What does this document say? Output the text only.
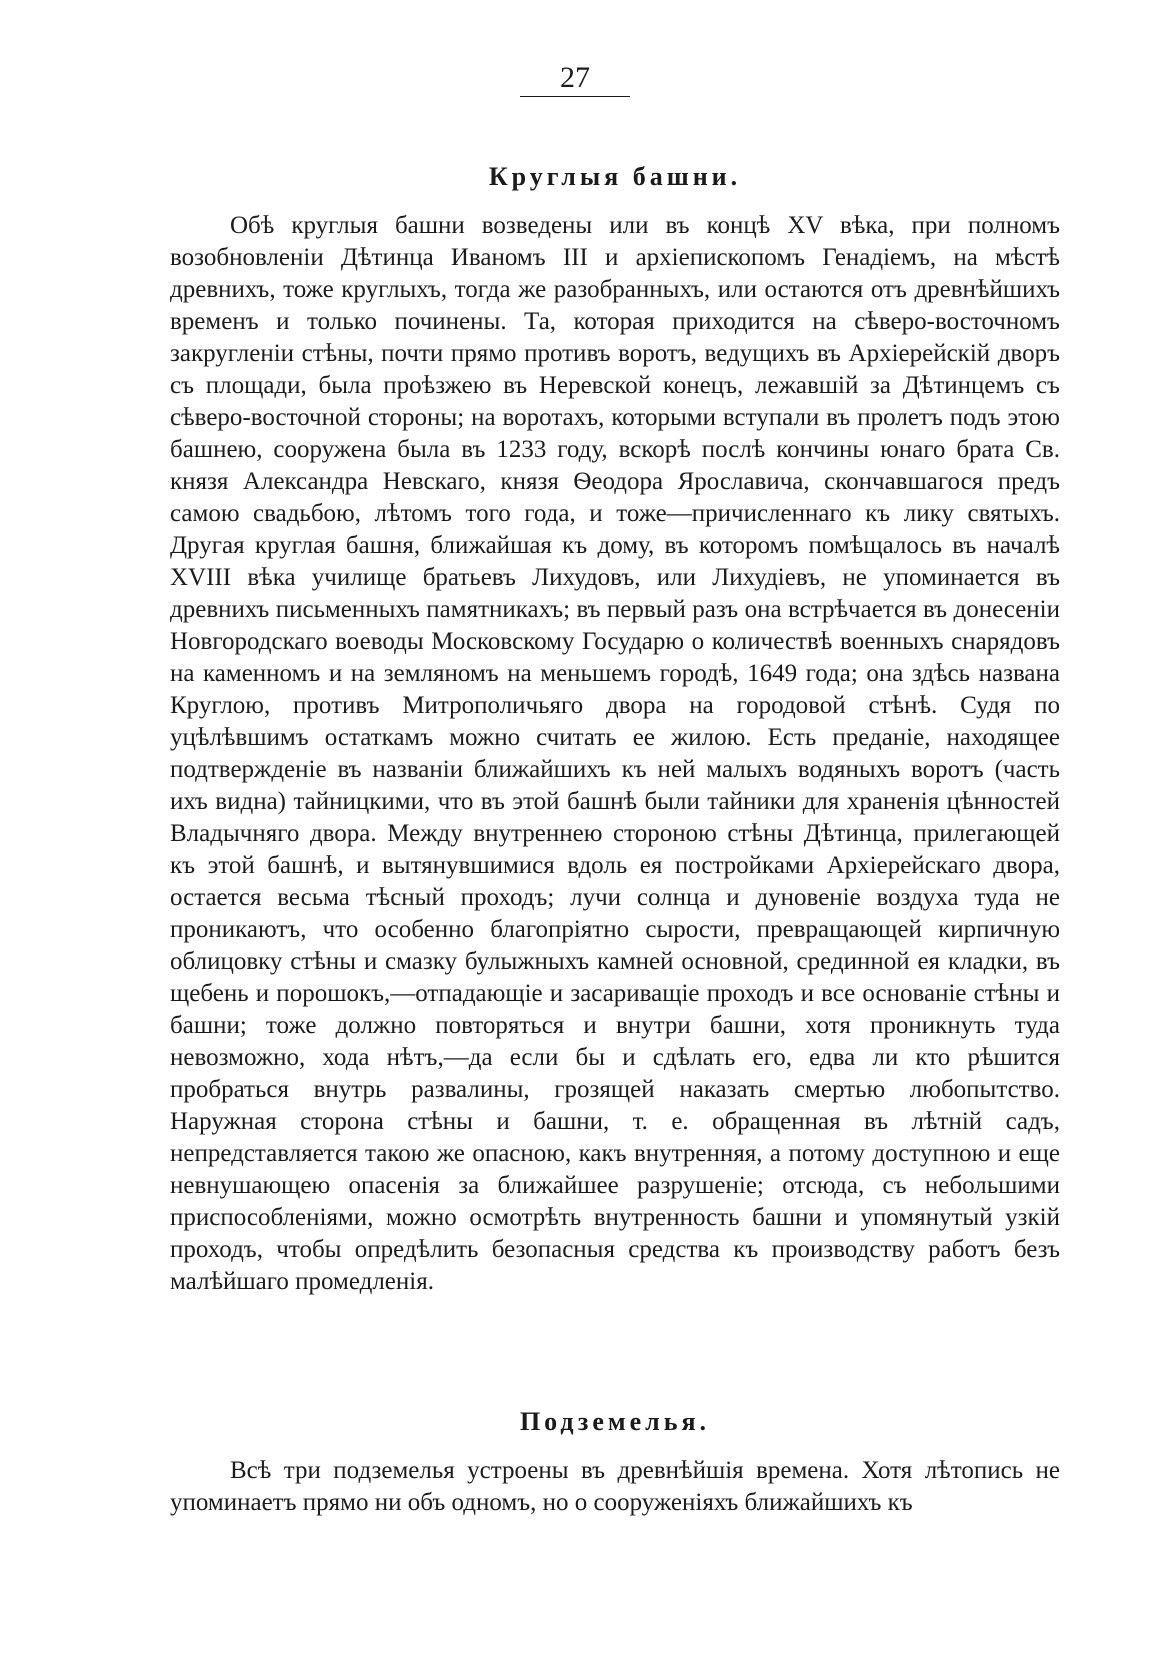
27
Круглыя башни.

Обѣ круглыя башни возведены или въ концѣ XV вѣка, при полномъ возобновленіи Дѣтинца Иваномъ III и архіепископомъ Генадіемъ, на мѣстѣ древнихъ, тоже круглыхъ, тогда же разобранныхъ, или остаются отъ древнѣйшихъ временъ и только починены. Та, которая приходится на сѣверо-восточномъ закругленіи стѣны, почти прямо противъ воротъ, ведущихъ въ Архіерейскій дворъ съ площади, была проѣзжею въ Неревской конецъ, лежавшій за Дѣтинцемъ съ сѣверо-восточной стороны; на воротахъ, которыми вступали въ пролетъ подъ этою башнею, сооружена была въ 1233 году, вскорѣ послѣ кончины юнаго брата Св. князя Александра Невскаго, князя Ѳеодора Ярославича, скончавшагося предъ самою свадьбою, лѣтомъ того года, и тоже—причисленнаго къ лику святыхъ. Другая круглая башня, ближайшая къ дому, въ которомъ помѣщалось въ началѣ XVIII вѣка училище братьевъ Лихудовъ, или Лихудіевъ, не упоминается въ древнихъ письменныхъ памятникахъ; въ первый разъ она встрѣчается въ донесеніи Новгородскаго воеводы Московскому Государю о количествѣ военныхъ снарядовъ на каменномъ и на земляномъ на меньшемъ городѣ, 1649 года; она здѣсь названа Круглою, противъ Митрополичьяго двора на городовой стѣнѣ. Судя по уцѣлѣвшимъ остаткамъ можно считать ее жилою. Есть преданіе, находящее подтвержденіе въ названіи ближайшихъ къ ней малыхъ водяныхъ воротъ (часть ихъ видна) тайницкими, что въ этой башнѣ были тайники для храненія цѣнностей Владычняго двора. Между внутреннею стороною стѣны Дѣтинца, прилегающей къ этой башнѣ, и вытянувшимися вдоль ея постройками Архіерейскаго двора, остается весьма тѣсный проходъ; лучи солнца и дуновеніе воздуха туда не проникаютъ, что особенно благопріятно сырости, превращающей кирпичную облицовку стѣны и смазку булыжныхъ камней основной, срединной ея кладки, въ щебень и порошокъ,—отпадающіе и засариващіе проходъ и все основаніе стѣны и башни; тоже должно повторяться и внутри башни, хотя проникнуть туда невозможно, хода нѣтъ,—да если бы и сдѣлать его, едва ли кто рѣшится пробраться внутрь развалины, грозящей наказать смертью любопытство. Наружная сторона стѣны и башни, т. е. обращенная въ лѣтній садъ, непредставляется такою же опасною, какъ внутренняя, а потому доступною и еще невнушающею опасенія за ближайшее разрушеніе; отсюда, съ небольшими приспособленіями, можно осмотрѣть внутренность башни и упомянутый узкій проходъ, чтобы опредѣлить безопасныя средства къ производству работъ безъ малѣйшаго промедленія.

Подземелья.

Всѣ три подземелья устроены въ древнѣйшія времена. Хотя лѣтопись не упоминаетъ прямо ни объ одномъ, но о сооруженіяхъ ближайшихъ къ
